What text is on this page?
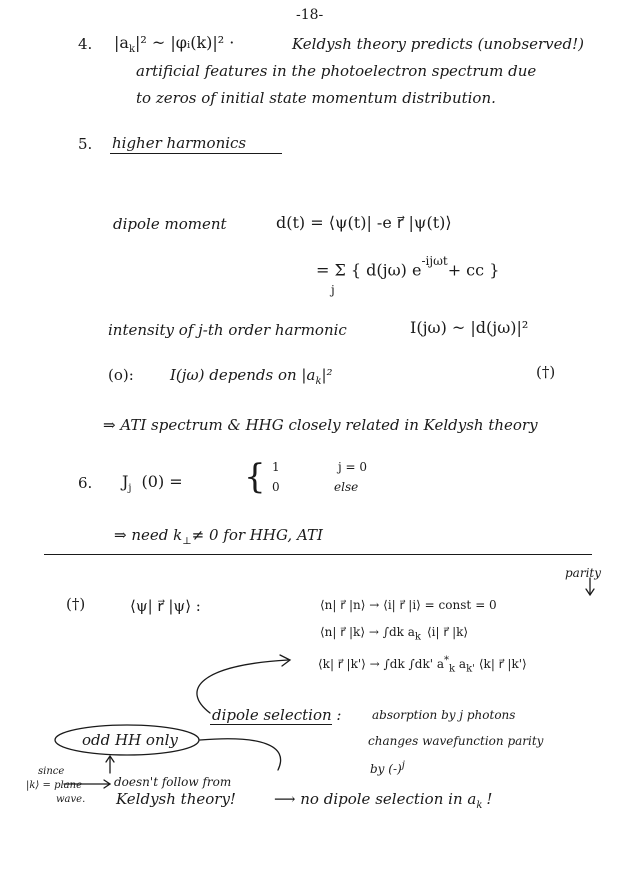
-18-
4. $|a_k|^2$ ~ |φᵢ(k)|² ·	Keldysh theory predicts (unobserved!)
artificial features in the photoelectron spectrum due
to zeros of initial state momentum distribution.
5. higher harmonics
dipole moment	d(t) = ⟨ψ(t)| -e r⃗ |ψ(t)⟩
= Σ { d(jω) $e^{-ij\omega t}+$ cc }
j
intensity of j-th order harmonic	I(jω) ~ |d(jω)|²
(o): I(jω) depends on $|a_k|^2$	(†)
⇒ ATI spectrum & HHG closely related in Keldysh theory
6. $J_j$ (0) = { 1
0
j = 0
else
⇒ need $k_\perp\ne 0$ for HHG, ATI
(†)	⟨ψ| r⃗ |ψ⟩ :
parity
⟨n| r⃗ |n⟩ → ⟨i| r⃗ |i⟩ = const = 0
⟨n| r⃗ |k⟩ → ∫dk $a_k$ ⟨i| r⃗ |k⟩
⟨k| r⃗ |k'⟩ → ∫dk ∫dk' $a^*_k$ $a_{k'}$ ⟨k| r⃗ |k'⟩
dipole selection :	absorption by j photons
changes wavefunction parity
by $(-)^j$
odd HH only
since
|k⟩ = plane
wave.
doesn't follow from
Keldysh theory!	⟶ no dipole selection in $a_k$ !
